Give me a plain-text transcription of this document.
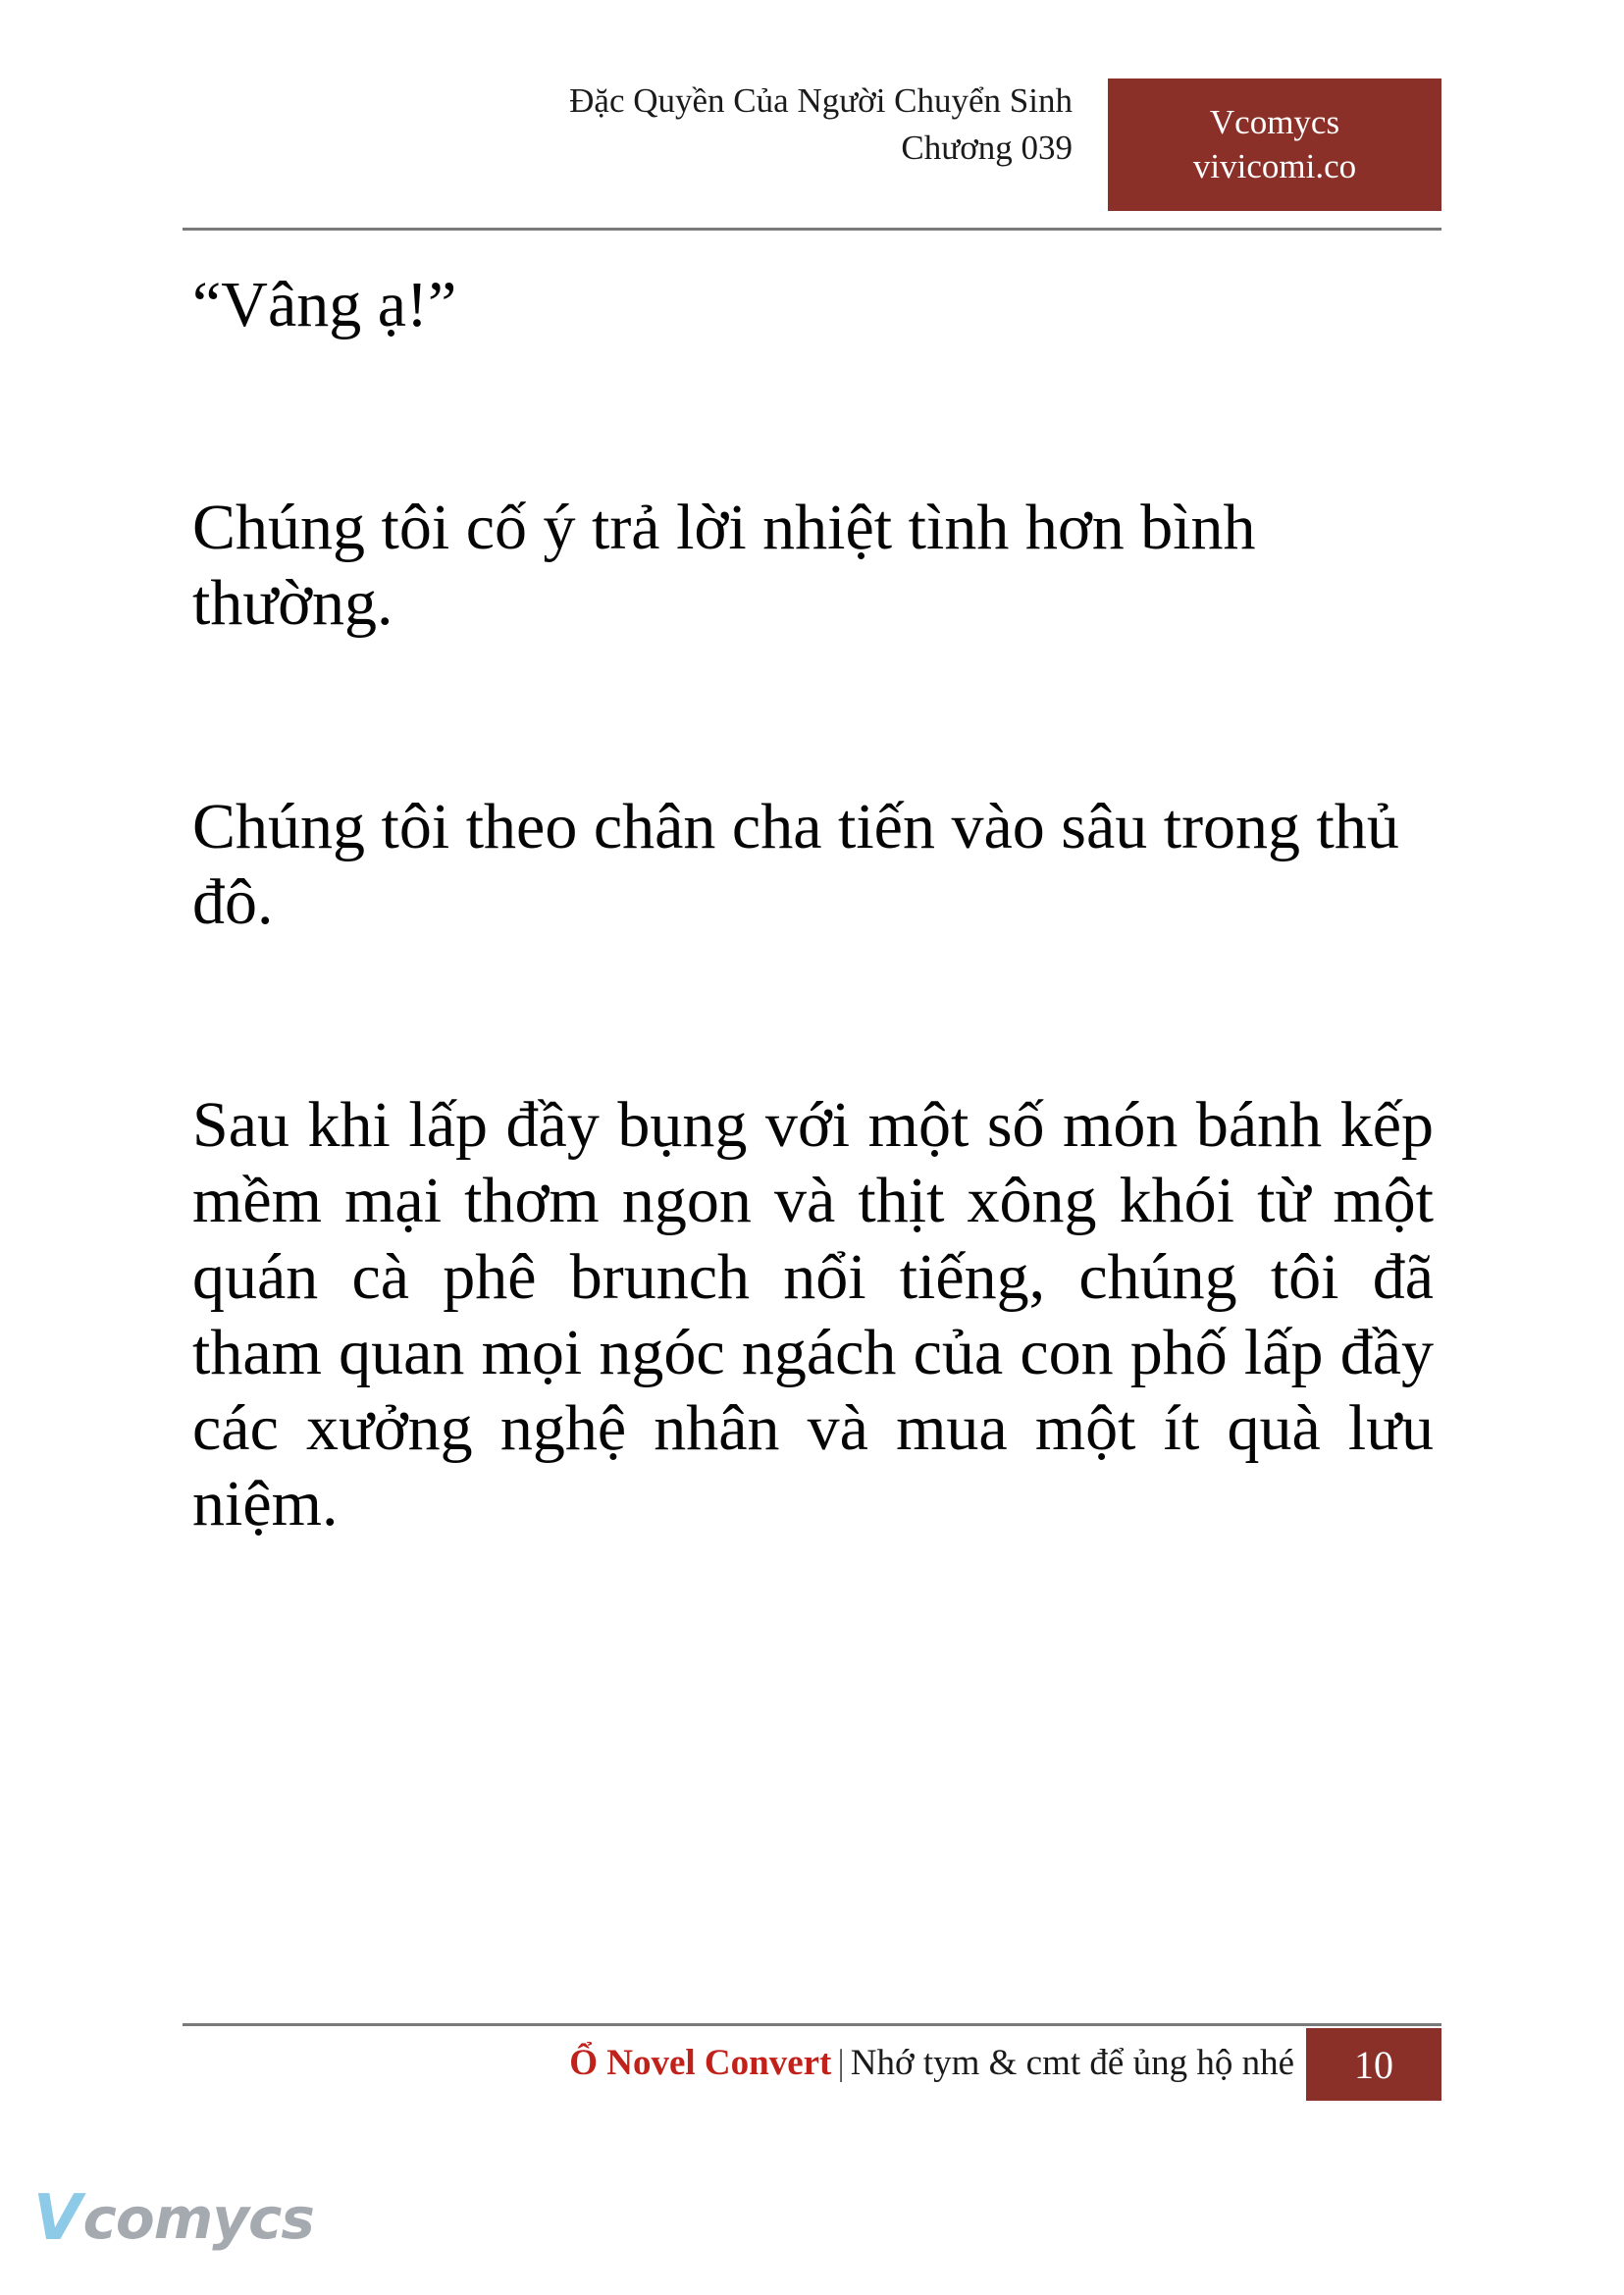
Đặc Quyền Của Người Chuyển Sinh
Chương 039
Vcomycs
vivicomi.co

“Vâng ạ!”

Chúng tôi cố ý trả lời nhiệt tình hơn bình thường.

Chúng tôi theo chân cha tiến vào sâu trong thủ đô.

Sau khi lấp đầy bụng với một số món bánh kếp mềm mại thơm ngon và thịt xông khói từ một quán cà phê brunch nổi tiếng, chúng tôi đã tham quan mọi ngóc ngách của con phố lấp đầy các xưởng nghệ nhân và mua một ít quà lưu niệm.

Ổ Novel Convert | Nhớ tym & cmt để ủng hộ nhé	10
V comycs
